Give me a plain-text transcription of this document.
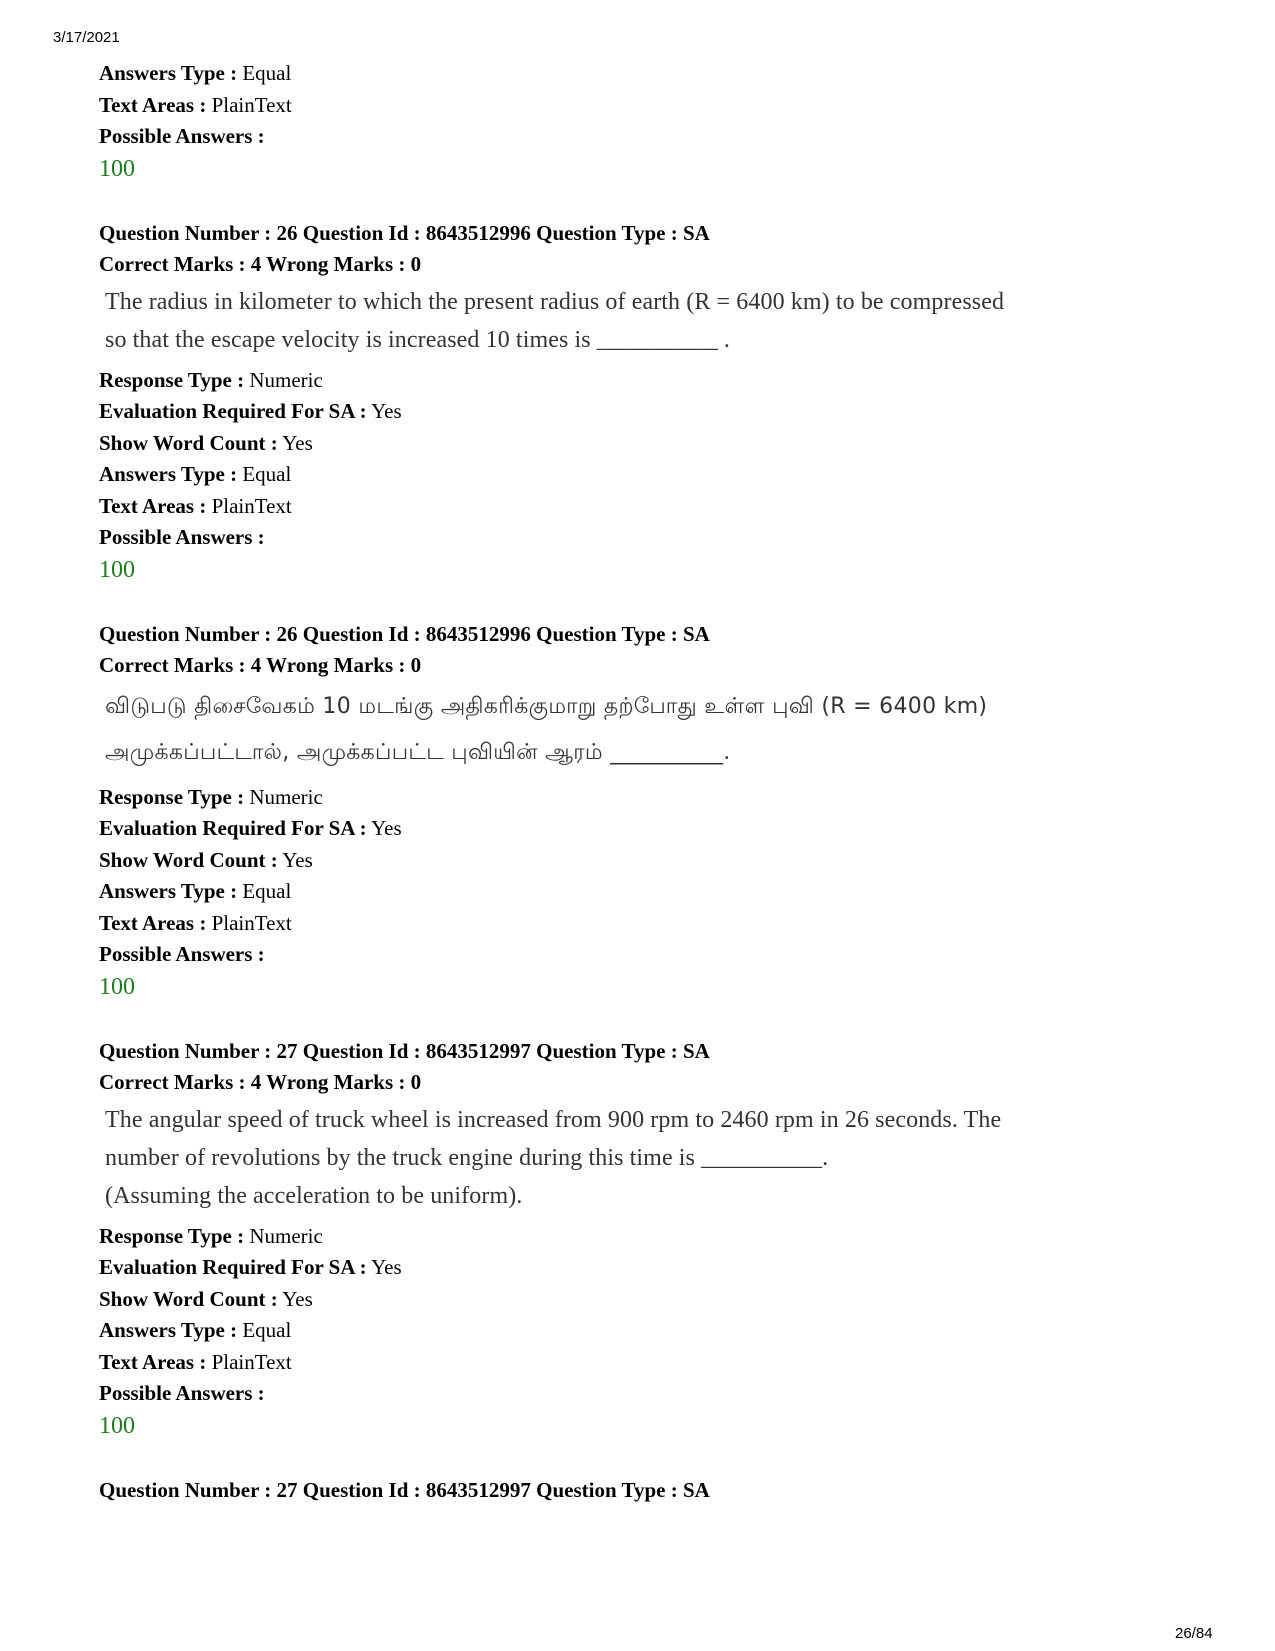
3/17/2021
Answers Type : Equal
Text Areas : PlainText
Possible Answers :
100
Question Number : 26 Question Id : 8643512996 Question Type : SA
Correct Marks : 4 Wrong Marks : 0
The radius in kilometer to which the present radius of earth (R = 6400 km) to be compressed
so that the escape velocity is increased 10 times is __________ .
Response Type : Numeric
Evaluation Required For SA : Yes
Show Word Count : Yes
Answers Type : Equal
Text Areas : PlainText
Possible Answers :
100
Question Number : 26 Question Id : 8643512996 Question Type : SA
Correct Marks : 4 Wrong Marks : 0
விடுபடு திசைவேகம் 10 மடங்கு அதிகரிக்குமாறு தற்போது உள்ள புவி (R = 6400 km)
அமுக்கப்பட்டால், அமுக்கப்பட்ட புவியின் ஆரம் __________.
Response Type : Numeric
Evaluation Required For SA : Yes
Show Word Count : Yes
Answers Type : Equal
Text Areas : PlainText
Possible Answers :
100
Question Number : 27 Question Id : 8643512997 Question Type : SA
Correct Marks : 4 Wrong Marks : 0
The angular speed of truck wheel is increased from 900 rpm to 2460 rpm in 26 seconds. The
number of revolutions by the truck engine during this time is __________.
(Assuming the acceleration to be uniform).
Response Type : Numeric
Evaluation Required For SA : Yes
Show Word Count : Yes
Answers Type : Equal
Text Areas : PlainText
Possible Answers :
100
Question Number : 27 Question Id : 8643512997 Question Type : SA
26/84
